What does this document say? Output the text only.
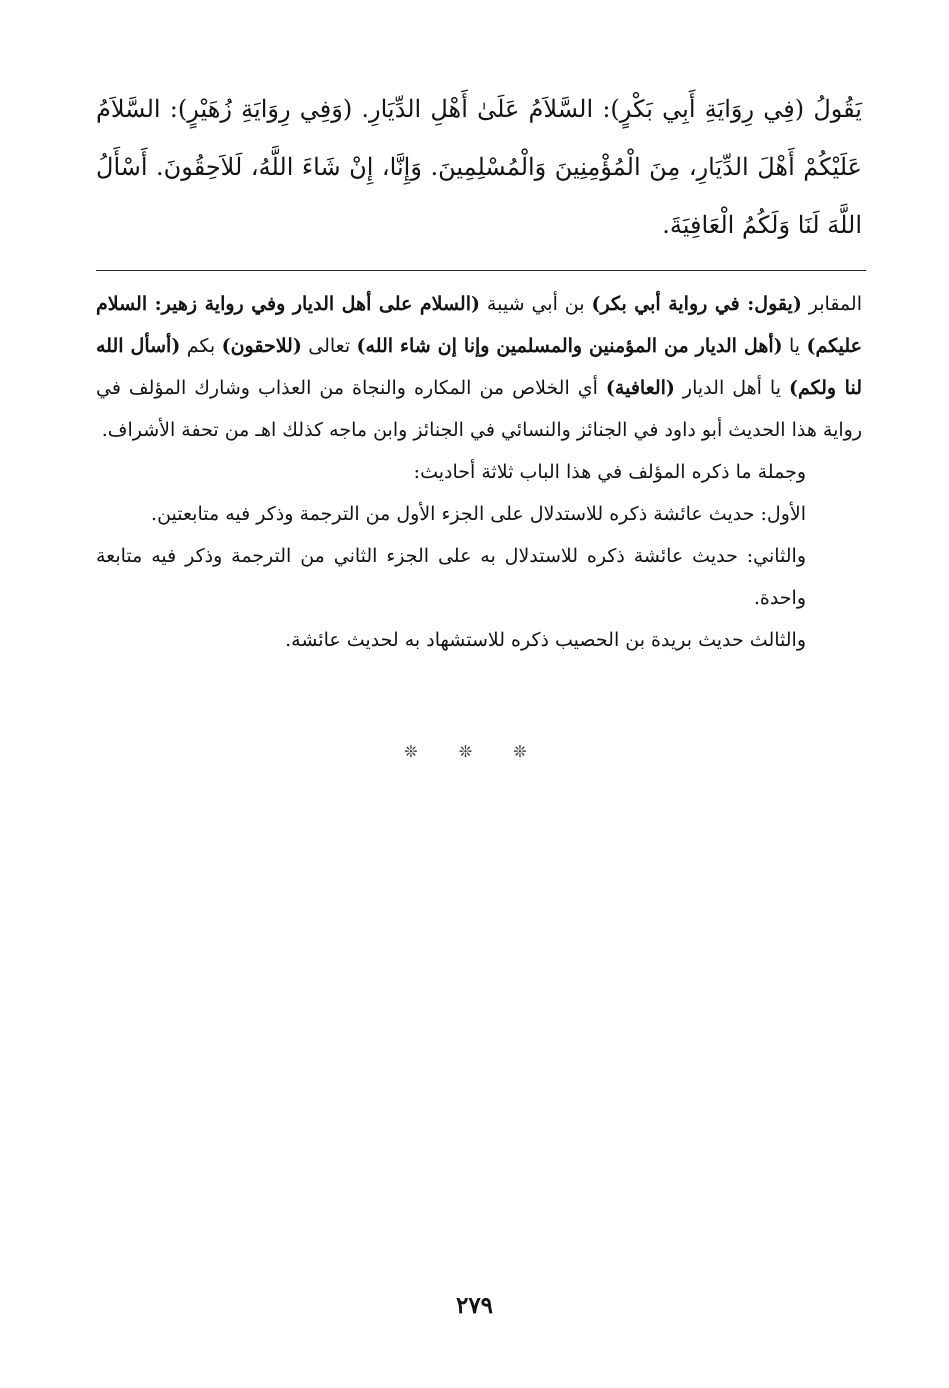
يَقُولُ (فِي رِوَايَةِ أَبِي بَكْرٍ): السَّلاَمُ عَلَىٰ أَهْلِ الدِّيَارِ. (وَفِي رِوَايَةِ زُهَيْرٍ): السَّلاَمُ عَلَيْكُمْ أَهْلَ الدِّيَارِ، مِنَ الْمُؤْمِنِينَ وَالْمُسْلِمِينَ. وَإِنَّا، إِنْ شَاءَ اللَّهُ، لَلاَحِقُونَ. أَسْأَلُ اللَّهَ لَنَا وَلَكُمُ الْعَافِيَةَ.

المقابر (يقول: في رواية أبي بكر) بن أبي شيبة (السلام على أهل الديار وفي رواية زهير: السلام عليكم) يا (أهل الديار من المؤمنين والمسلمين وإنا إن شاء الله) تعالى (للاحقون) بكم (أسأل الله لنا ولكم) يا أهل الديار (العافية) أي الخلاص من المكاره والنجاة من العذاب وشارك المؤلف في رواية هذا الحديث أبو داود في الجنائز والنسائي في الجنائز وابن ماجه كذلك اهـ من تحفة الأشراف.

وجملة ما ذكره المؤلف في هذا الباب ثلاثة أحاديث:

الأول: حديث عائشة ذكره للاستدلال على الجزء الأول من الترجمة وذكر فيه متابعتين.

والثاني: حديث عائشة ذكره للاستدلال به على الجزء الثاني من الترجمة وذكر فيه متابعة واحدة.

والثالث حديث بريدة بن الحصيب ذكره للاستشهاد به لحديث عائشة.

❊ ❊ ❊
٢٧٩
